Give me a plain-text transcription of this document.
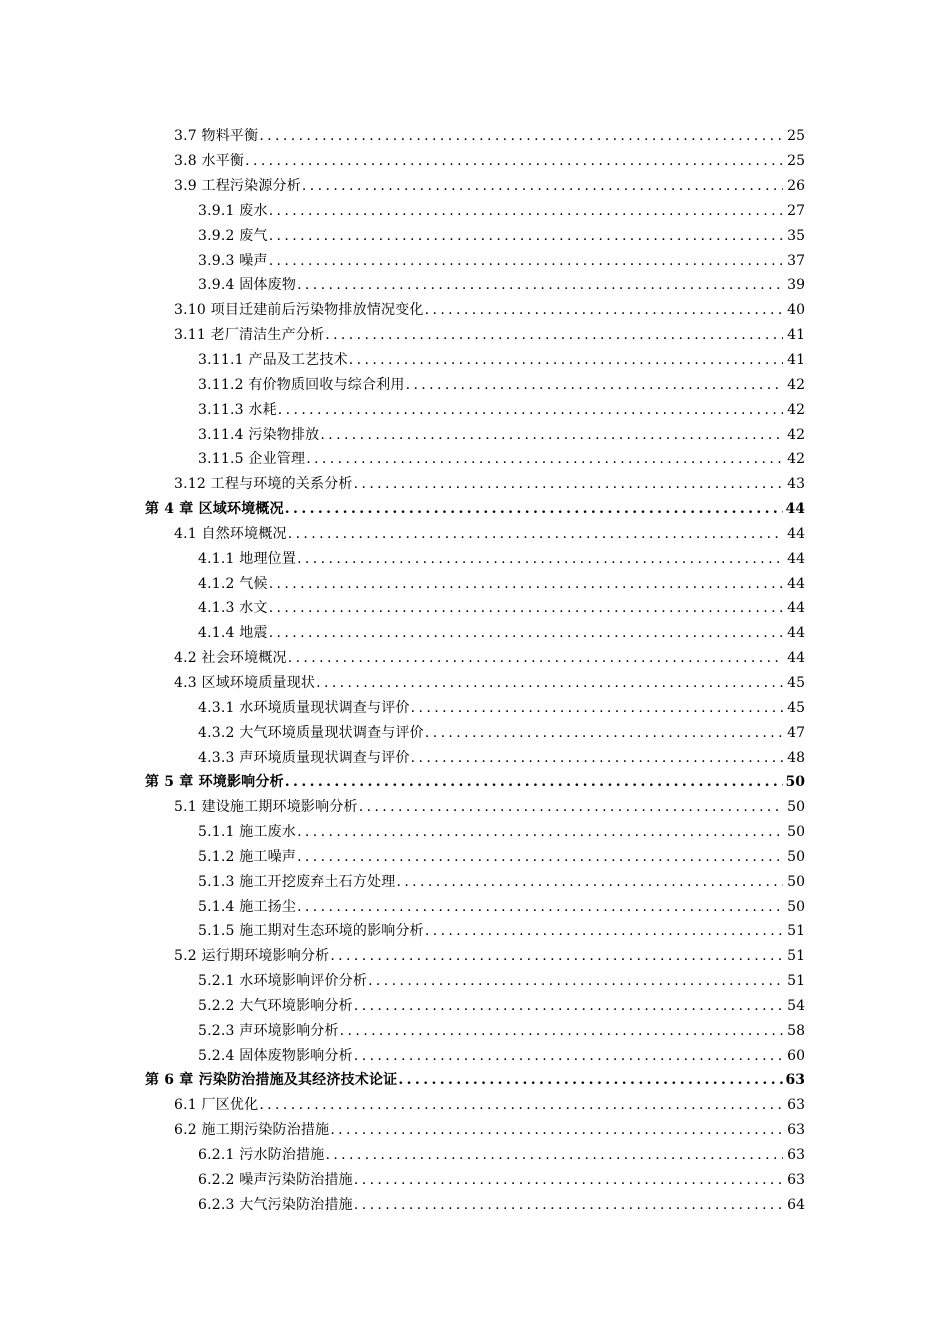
3.7 物料平衡 .....	25
3.8 水平衡 .....	25
3.9 工程污染源分析 .....	26
3.9.1 废水 .....	27
3.9.2 废气 .....	35
3.9.3 噪声 .....	37
3.9.4 固体废物 .....	39
3.10 项目迁建前后污染物排放情况变化 .....	40
3.11 老厂清洁生产分析 .....	41
3.11.1 产品及工艺技术 .....	41
3.11.2 有价物质回收与综合利用 .....	42
3.11.3 水耗 .....	42
3.11.4 污染物排放 .....	42
3.11.5 企业管理 .....	42
3.12 工程与环境的关系分析 .....	43
第 4 章 区域环境概况 .....	44
4.1 自然环境概况 .....	44
4.1.1 地理位置 .....	44
4.1.2 气候 .....	44
4.1.3 水文 .....	44
4.1.4 地震 .....	44
4.2 社会环境概况 .....	44
4.3 区域环境质量现状 .....	45
4.3.1 水环境质量现状调查与评价 .....	45
4.3.2 大气环境质量现状调查与评价 .....	47
4.3.3 声环境质量现状调查与评价 .....	48
第 5 章 环境影响分析 .....	50
5.1 建设施工期环境影响分析 .....	50
5.1.1 施工废水 .....	50
5.1.2 施工噪声 .....	50
5.1.3 施工开挖废弃土石方处理 .....	50
5.1.4 施工扬尘 .....	50
5.1.5 施工期对生态环境的影响分析 .....	51
5.2 运行期环境影响分析 .....	51
5.2.1 水环境影响评价分析 .....	51
5.2.2 大气环境影响分析 .....	54
5.2.3 声环境影响分析 .....	58
5.2.4 固体废物影响分析 .....	60
第 6 章 污染防治措施及其经济技术论证 .....	63
6.1 厂区优化 .....	63
6.2 施工期污染防治措施 .....	63
6.2.1 污水防治措施 .....	63
6.2.2 噪声污染防治措施 .....	63
6.2.3 大气污染防治措施 .....	64
